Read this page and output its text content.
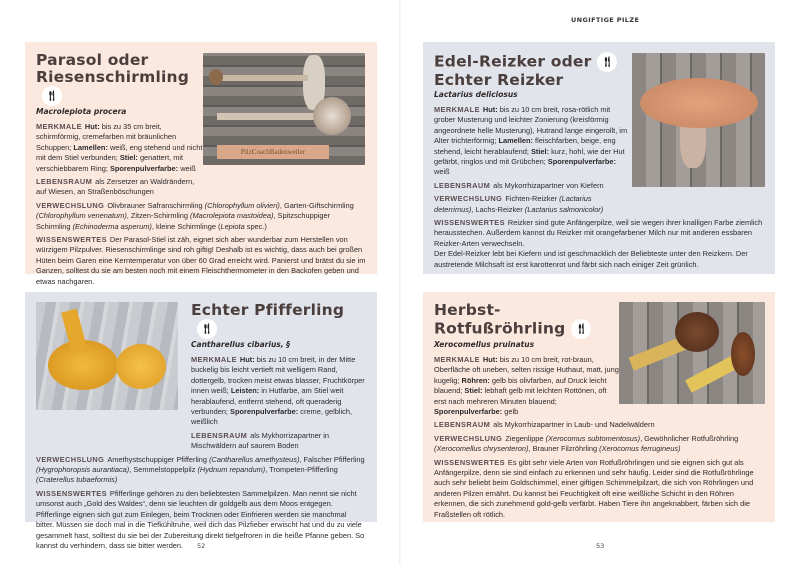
UNGIFTIGE PILZE
52	53
Parasol oder
Riesenschirmling🍴︎
Macrolepiota procera
MERKMALE Hut: bis zu 35 cm breit, schirmförmig, cremefarben mit bräunlichen Schuppen; Lamellen: weiß, eng stehend und nicht mit dem Stiel verbunden; Stiel: genattert, mit verschiebbarem Ring; Sporenpulverfarbe: weiß
LEBENSRAUM als Zersetzer an Waldrändern, auf Wiesen, an Straßenböschungen
VERWECHSLUNG Olivbrauner Safranschirmling (Chlorophyllum olivieri), Garten-Giftschirmling (Chlorophyllum venenatum), Zitzen-Schirmling (Macrolepiota mastoidea), Spitzschuppiger Schirmling (Echinoderma asperum), kleine Schirmlinge (Lepiota spec.)
WISSENSWERTES Der Parasol-Stiel ist zäh, eignet sich aber wunderbar zum Herstellen von würzigem Pilzpulver. Riesenschirmlinge sind roh giftig! Deshalb ist es wichtig, dass auch bei großen Hüten beim Garen eine Kerntemperatur von über 60 Grad erreicht wird. Panierst und brätst du sie im Ganzen, solltest du sie am besten noch mit einem Fleischthermometer in den Backofen geben und etwas nachgaren.
PilzCoachBadenweiler
Echter Pfifferling🍴︎
Cantharellus cibarius, §
MERKMALE Hut: bis zu 10 cm breit, in der Mitte buckelig bis leicht vertieft mit welligem Rand, dottergelb, trocken meist etwas blasser, Fruchtkörper innen weiß; Leisten: in Hutfarbe, am Stiel weit herablaufend, entfernt stehend, oft queraderig verbunden; Sporenpulverfarbe: creme, gelblich, weißlich
LEBENSRAUM als Mykhorrizapartner in Mischwäldern auf saurem Boden
VERWECHSLUNG Amethystschuppiger Pfifferling (Cantharellus amethysteus), Falscher Pfifferling (Hygrophoropsis aurantiaca), Semmelstoppelpilz (Hydnum repandum), Trompeten-Pfifferling (Craterellus tubaeformis)
WISSENSWERTES Pfifferlinge gehören zu den beliebtesten Sammelpilzen. Man nennt sie nicht umsonst auch „Gold des Waldes“, denn sie leuchten dir goldgelb aus dem Moos entgegen. Pfifferlinge eignen sich gut zum Einlegen, beim Trocknen oder Einfrieren werden sie manchmal bitter. Müssen sie doch mal in die Tiefkühltruhe, weil dich das Pilzfieber erwischt hat und du zu viele gesammelt hast, solltest du sie bei der Zubereitung direkt tiefgefroren in die heiße Pfanne geben. So kannst du verhindern, dass sie bitter werden.
Edel-Reizker oder 🍴︎
Echter Reizker
Lactarius deliciosus
MERKMALE Hut: bis zu 10 cm breit, rosa-rötlich mit grober Musterung und leichter Zonierung (kreisförmig angeordnete helle Musterung), Hutrand lange eingerollt, im Alter trichterförmig; Lamellen: fleischfarben, beige, eng stehend, leicht herablaufend; Stiel: kurz, hohl, wie der Hut gefärbt, ringlos und mit Grübchen; Sporenpulverfarbe: weiß
LEBENSRAUM als Mykorrhizapartner von Kiefern
VERWECHSLUNG Fichten-Reizker (Lactarius deterrimus), Lachs-Reizker (Lactarius salmonicolor)
WISSENSWERTES Reizker sind gute Anfängerpilze, weil sie wegen ihrer knalligen Farbe ziemlich herausstechen. Außerdem kannst du Reizker mit orangefarbener Milch nur mit anderen essbaren Reizker-Arten verwechseln.
Der Edel-Reizker lebt bei Kiefern und ist geschmacklich der Beliebteste unter den Reizkern. Der austretende Milchsaft ist erst karottenrot und färbt sich nach einiger Zeit grünlich.
Herbst-
Rotfußröhrling 🍴︎
Xerocomellus pruinatus
MERKMALE Hut: bis zu 10 cm breit, rot-braun, Oberfläche oft uneben, selten rissige Huthaut, matt, jung kugelig; Röhren: gelb bis olivfarben, auf Druck leicht blauend; Stiel: lebhaft gelb mit leichten Rottönen, oft erst nach mehreren Minuten blauend; Sporenpulverfarbe: gelb
LEBENSRAUM als Mykorrhizapartner in Laub- und Nadelwäldern
VERWECHSLUNG Ziegenlippe (Xerocomus subtomentosus), Gewöhnlicher Rotfußröhrling (Xerocomellus chrysenteron), Brauner Filzröhrling (Xerocomus ferrugineus)
WISSENSWERTES Es gibt sehr viele Arten von Rotfußröhrlingen und sie eignen sich gut als Anfängerpilze, denn sie sind einfach zu erkennen und sehr häufig. Leider sind die Rotfußröhrlinge auch sehr beliebt beim Goldschimmel, einer giftigen Schimmelpilzart, die sich von Röhrlingen und anderen Pilzen ernährt. Du kannst bei Feuchtigkeit oft eine weißliche Schicht in den Röhren erkennen, die sich zunehmend gold-gelb verfärbt. Haben Tiere ihn angeknabbert, färben sich die Fraßstellen oft rötlich.
